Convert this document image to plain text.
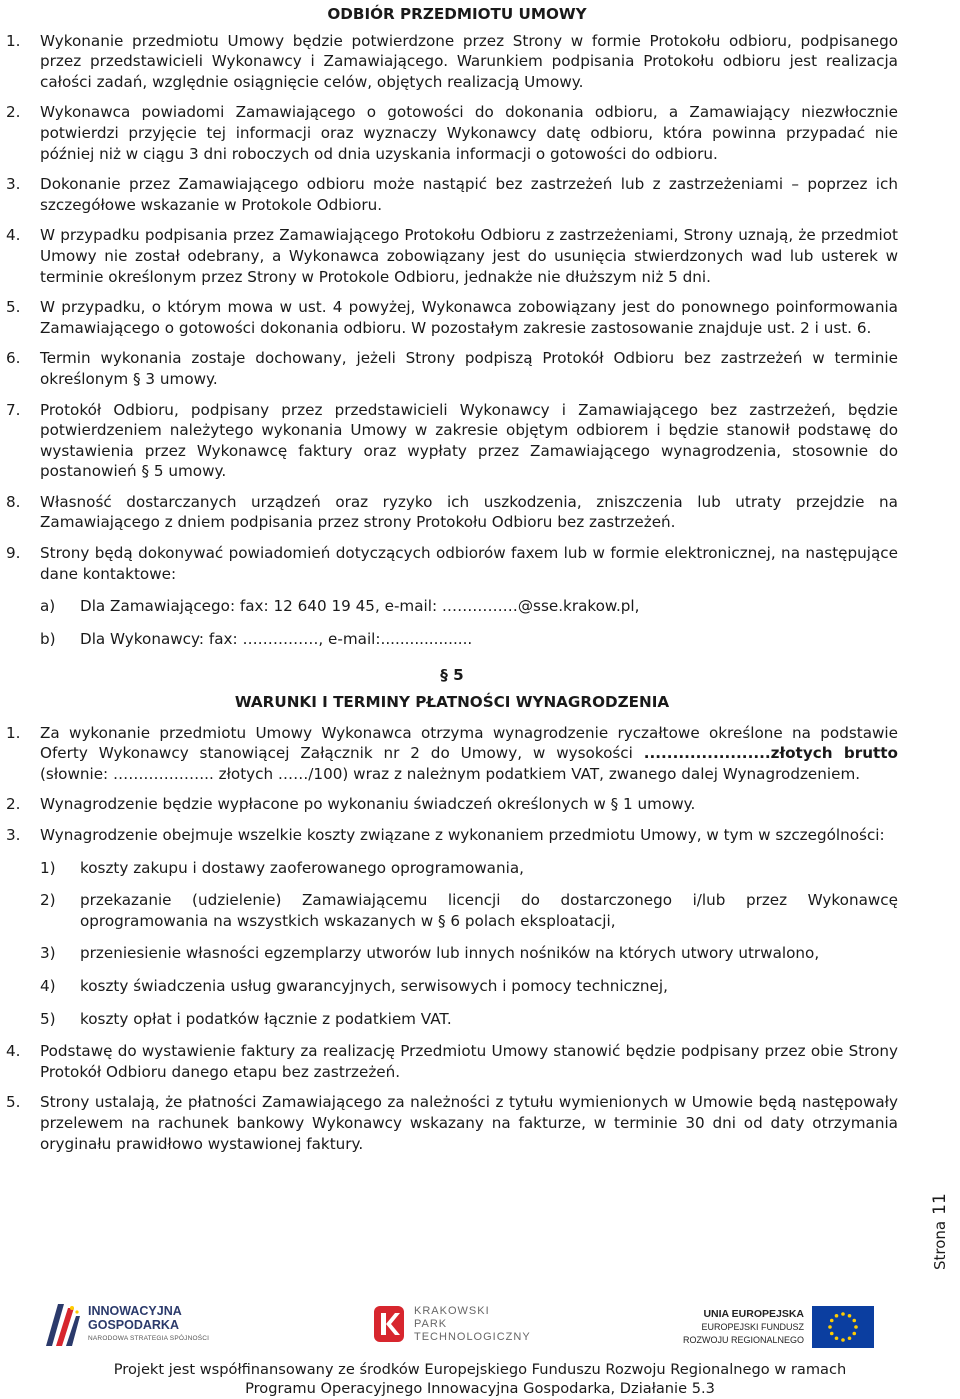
ODBIÓR PRZEDMIOTU UMOWY

1.	Wykonanie przedmiotu Umowy będzie potwierdzone przez Strony w formie Protokołu odbioru, podpisanego przez przedstawicieli Wykonawcy i Zamawiającego. Warunkiem podpisania Protokołu odbioru jest realizacja całości zadań, względnie osiągnięcie celów, objętych realizacją Umowy.
2.	Wykonawca powiadomi Zamawiającego o gotowości do dokonania odbioru, a Zamawiający niezwłocznie potwierdzi przyjęcie tej informacji oraz wyznaczy Wykonawcy datę odbioru, która powinna przypadać nie później niż w ciągu 3 dni roboczych od dnia uzyskania informacji o gotowości do odbioru.
3.	Dokonanie przez Zamawiającego odbioru może nastąpić bez zastrzeżeń lub z zastrzeżeniami – poprzez ich szczegółowe wskazanie w Protokole Odbioru.
4.	W przypadku podpisania przez Zamawiającego Protokołu Odbioru z zastrzeżeniami, Strony uznają, że przedmiot Umowy nie został odebrany, a Wykonawca zobowiązany jest do usunięcia stwierdzonych wad lub usterek w terminie określonym przez Strony w Protokole Odbioru, jednakże nie dłuższym niż 5 dni.
5.	W przypadku, o którym mowa w ust. 4 powyżej, Wykonawca zobowiązany jest do ponownego poinformowania Zamawiającego o gotowości dokonania odbioru. W pozostałym zakresie zastosowanie znajduje ust. 2 i ust. 6.
6.	Termin wykonania zostaje dochowany, jeżeli Strony podpiszą Protokół Odbioru bez zastrzeżeń w terminie określonym § 3 umowy.
7.	Protokół Odbioru, podpisany przez przedstawicieli Wykonawcy i Zamawiającego bez zastrzeżeń, będzie potwierdzeniem należytego wykonania Umowy w zakresie objętym odbiorem i będzie stanowił podstawę do wystawienia przez Wykonawcę faktury oraz wypłaty przez Zamawiającego wynagrodzenia, stosownie do postanowień § 5 umowy.
8.	Własność dostarczanych urządzeń oraz ryzyko ich uszkodzenia, zniszczenia lub utraty przejdzie na Zamawiającego z dniem podpisania przez strony Protokołu Odbioru bez zastrzeżeń.
9.	Strony będą dokonywać powiadomień dotyczących odbiorów faxem lub w formie elektronicznej, na następujące dane kontaktowe:
a)	Dla Zamawiającego: fax: 12 640 19 45, e-mail: ……………@sse.krakow.pl,
b)	Dla Wykonawcy: fax: ……………, e-mail:...................

§ 5

WARUNKI I TERMINY PŁATNOŚCI WYNAGRODZENIA

1.	Za wykonanie przedmiotu Umowy Wykonawca otrzyma wynagrodzenie ryczałtowe określone na podstawie Oferty Wykonawcy stanowiącej Załącznik nr 2 do Umowy, w wysokości ......................złotych brutto (słownie: ……………….. złotych ……/100) wraz z należnym podatkiem VAT, zwanego dalej Wynagrodzeniem.
2.	Wynagrodzenie będzie wypłacone po wykonaniu świadczeń określonych w § 1 umowy.
3.	Wynagrodzenie obejmuje wszelkie koszty związane z wykonaniem przedmiotu Umowy, w tym w szczególności:
1)	koszty zakupu i dostawy zaoferowanego oprogramowania,
2)	przekazanie (udzielenie) Zamawiającemu licencji do dostarczonego i/lub przez Wykonawcę oprogramowania na wszystkich wskazanych w § 6 polach eksploatacji,
3)	przeniesienie własności egzemplarzy utworów lub innych nośników na których utwory utrwalono,
4)	koszty świadczenia usług gwarancyjnych, serwisowych i pomocy technicznej,
5)	koszty opłat i podatków łącznie z podatkiem VAT.
4.	Podstawę do wystawienie faktury za realizację Przedmiotu Umowy stanowić będzie podpisany przez obie Strony Protokół Odbioru danego etapu bez zastrzeżeń.
5.	Strony ustalają, że płatności Zamawiającego za należności z tytułu wymienionych w Umowie będą następowały przelewem na rachunek bankowy Wykonawcy wskazany na fakturze, w terminie 30 dni od daty otrzymania oryginału prawidłowo wystawionej faktury.
Strona11
INNOWACYJNA
GOSPODARKA
NARODOWA STRATEGIA SPÓJNOŚCI
KRAKOWSKI
PARK
TECHNOLOGICZNY
UNIA EUROPEJSKA
EUROPEJSKI FUNDUSZ
ROZWOJU REGIONALNEGO
Projekt jest współfinansowany ze środków Europejskiego Funduszu Rozwoju Regionalnego w ramach
Programu Operacyjnego Innowacyjna Gospodarka, Działanie 5.3
